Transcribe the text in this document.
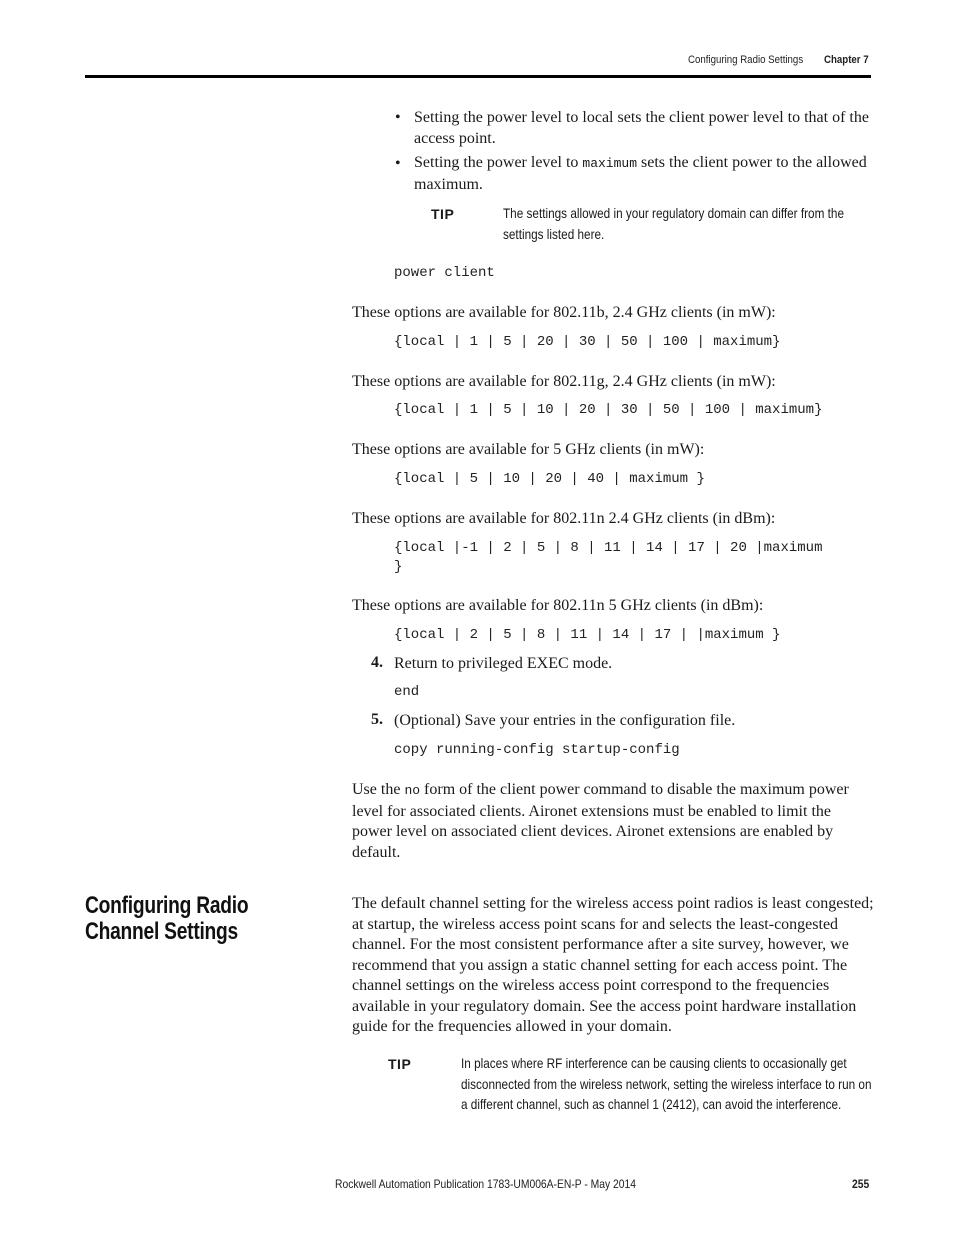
Configuring Radio Settings Chapter 7
• Setting the power level to local sets the client power level to that of the access point.
• Setting the power level to maximum sets the client power to the allowed maximum.
TIP	The settings allowed in your regulatory domain can differ from the settings listed here.
power client
These options are available for 802.11b, 2.4 GHz clients (in mW):
{local | 1 | 5 | 20 | 30 | 50 | 100 | maximum}
These options are available for 802.11g, 2.4 GHz clients (in mW):
{local | 1 | 5 | 10 | 20 | 30 | 50 | 100 | maximum}
These options are available for 5 GHz clients (in mW):
{local | 5 | 10 | 20 | 40 | maximum }
These options are available for 802.11n 2.4 GHz clients (in dBm):
{local |-1 | 2 | 5 | 8 | 11 | 14 | 17 | 20 |maximum
}
These options are available for 802.11n 5 GHz clients (in dBm):
{local | 2 | 5 | 8 | 11 | 14 | 17 | |maximum }
4. Return to privileged EXEC mode.
end
5. (Optional) Save your entries in the configuration file.
copy running-config startup-config
Use the no form of the client power command to disable the maximum power level for associated clients. Aironet extensions must be enabled to limit the power level on associated client devices. Aironet extensions are enabled by default.
Configuring Radio Channel Settings
The default channel setting for the wireless access point radios is least congested; at startup, the wireless access point scans for and selects the least-congested channel. For the most consistent performance after a site survey, however, we recommend that you assign a static channel setting for each access point. The channel settings on the wireless access point correspond to the frequencies available in your regulatory domain. See the access point hardware installation guide for the frequencies allowed in your domain.
TIP	In places where RF interference can be causing clients to occasionally get disconnected from the wireless network, setting the wireless interface to run on a different channel, such as channel 1 (2412), can avoid the interference.
Rockwell Automation Publication 1783-UM006A-EN-P - May 2014	255
